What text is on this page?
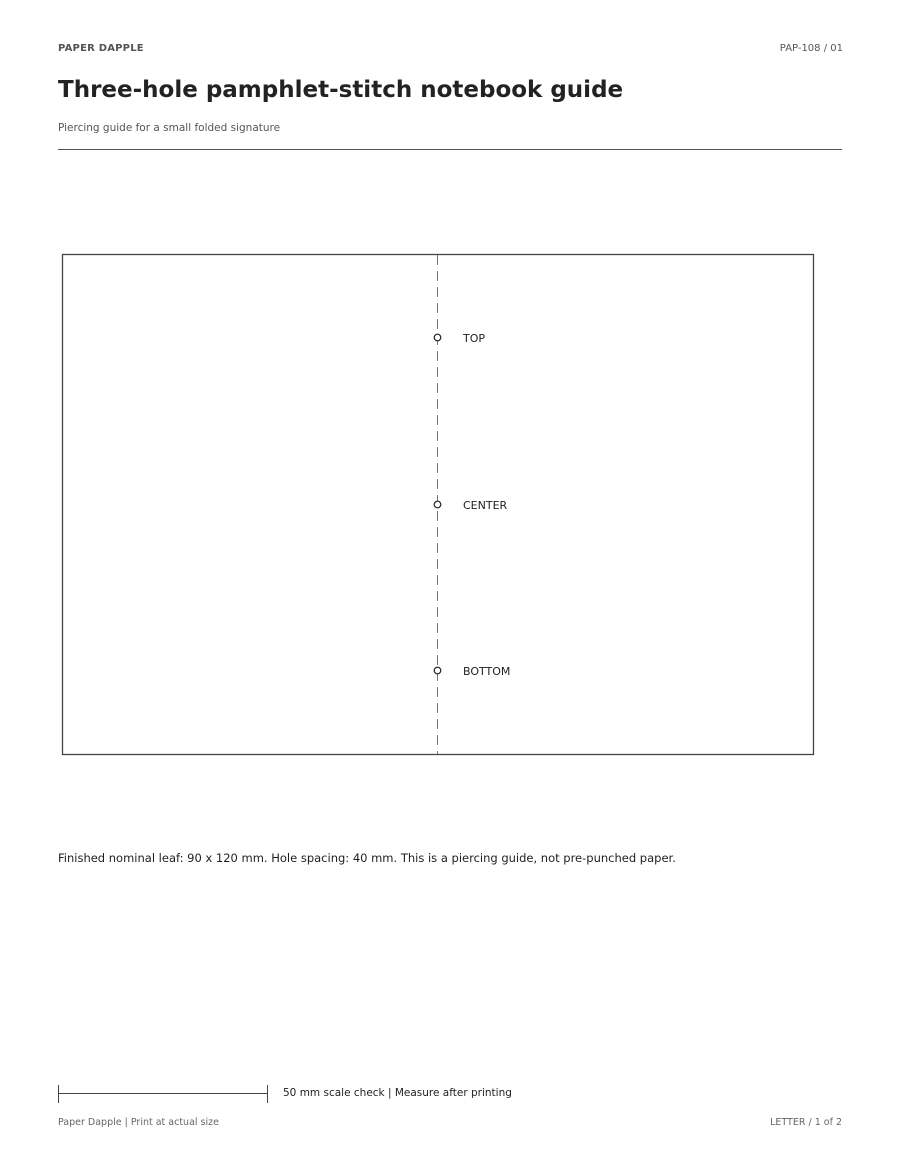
PAPER DAPPLE	PAP-108 / 01
Three-hole pamphlet-stitch notebook guide
Piercing guide for a small folded signature
TOP
CENTER
BOTTOM
Finished nominal leaf: 90 x 120 mm. Hole spacing: 40 mm. This is a piercing guide, not pre-punched paper.
50 mm scale check | Measure after printing
Paper Dapple | Print at actual size	LETTER / 1 of 2
